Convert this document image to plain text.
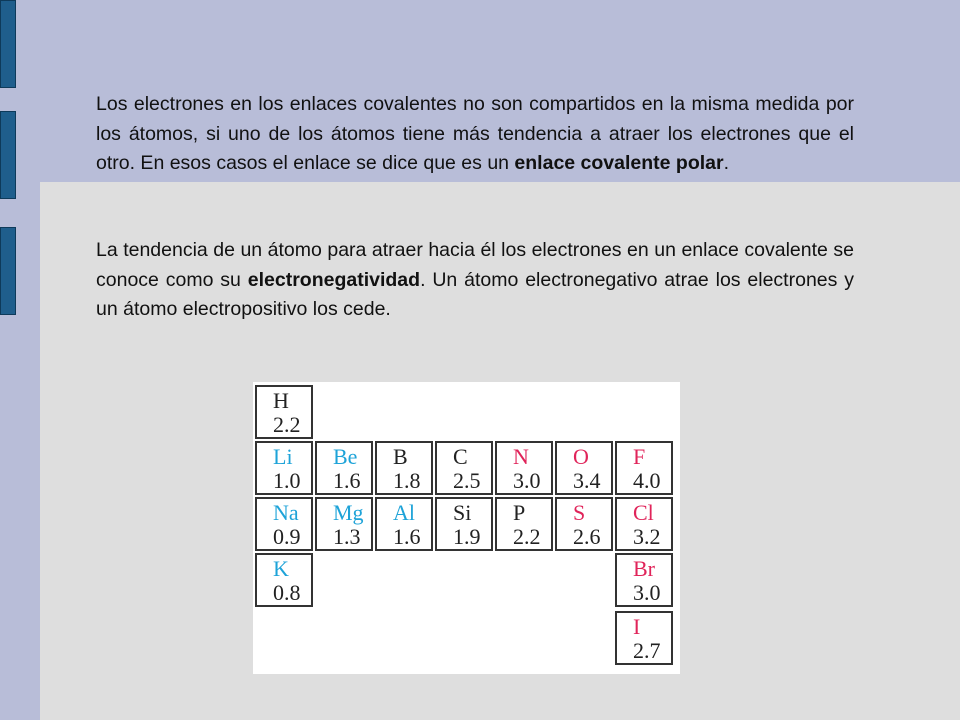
Los electrones en los enlaces covalentes no son compartidos en la misma medida por los átomos, si uno de los átomos tiene más tendencia a atraer los electrones que el otro. En esos casos el enlace se dice que es un enlace covalente polar.
La tendencia de un átomo para atraer hacia él los electrones en un enlace covalente se conoce como su electronegatividad. Un átomo electronegativo atrae los electrones y un átomo electropositivo los cede.
H
2.2
Li
1.0
Be
1.6
B
1.8
C
2.5
N
3.0
O
3.4
F
4.0
Na
0.9
Mg
1.3
Al
1.6
Si
1.9
P
2.2
S
2.6
Cl
3.2
K
0.8
Br
3.0
I
2.7
